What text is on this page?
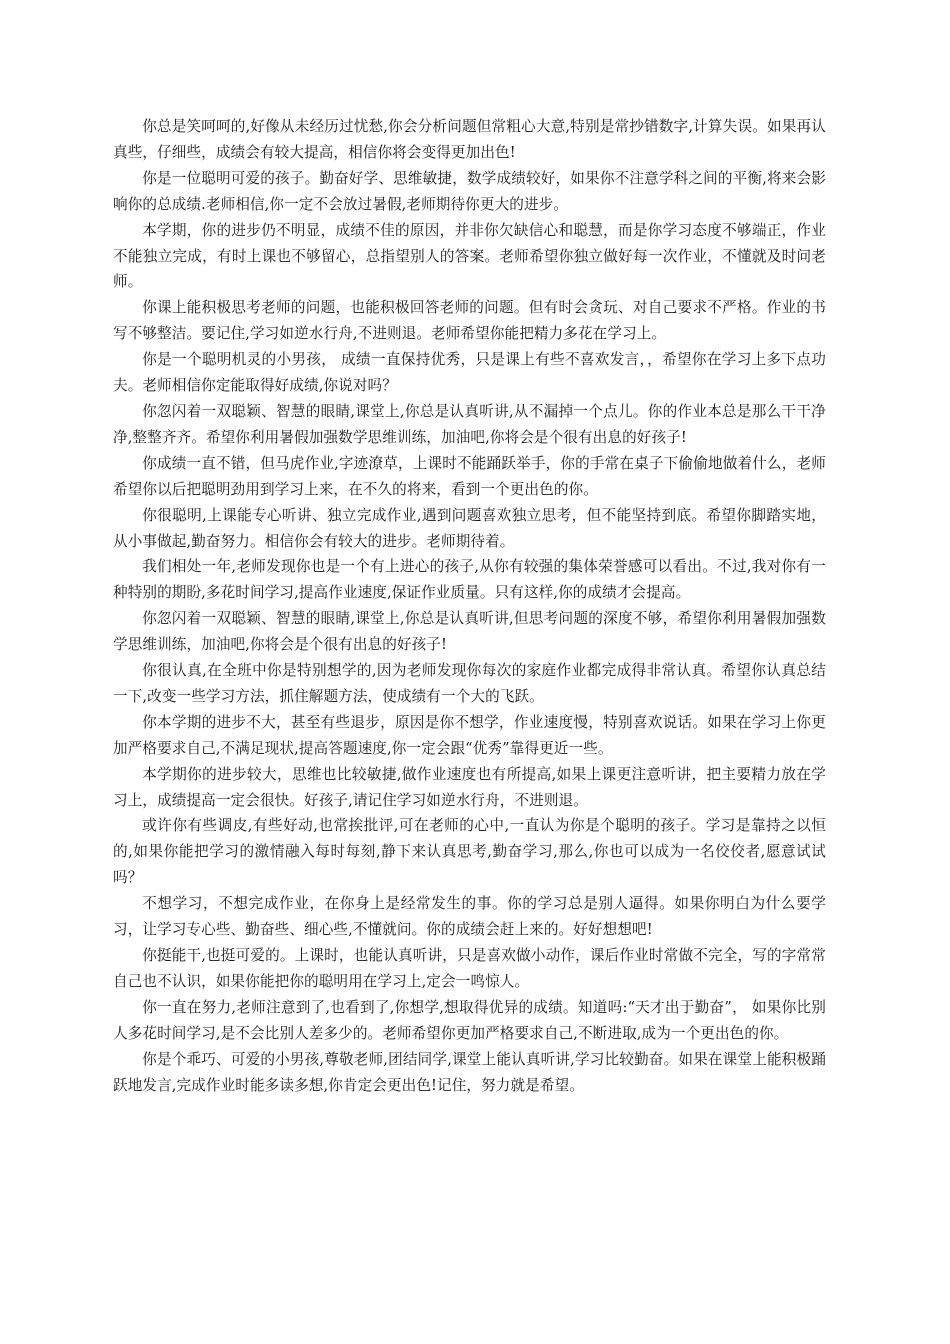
你总是笑呵呵的,好像从未经历过忧愁,你会分析问题但常粗心大意,特别是常抄错数字,计算失误。如果再认真些，仔细些，成绩会有较大提高，相信你将会变得更加出色!

你是一位聪明可爱的孩子。勤奋好学、思维敏捷，数学成绩较好，如果你不注意学科之间的平衡,将来会影响你的总成绩.老师相信,你一定不会放过暑假,老师期待你更大的进步。

本学期，你的进步仍不明显，成绩不佳的原因，并非你欠缺信心和聪慧，而是你学习态度不够端正，作业不能独立完成，有时上课也不够留心，总指望别人的答案。老师希望你独立做好每一次作业，不懂就及时问老师。

你课上能积极思考老师的问题，也能积极回答老师的问题。但有时会贪玩、对自己要求不严格。作业的书写不够整洁。要记住,学习如逆水行舟,不进则退。老师希望你能把精力多花在学习上。

你是一个聪明机灵的小男孩， 成绩一直保持优秀，只是课上有些不喜欢发言，，希望你在学习上多下点功夫。老师相信你定能取得好成绩,你说对吗？

你忽闪着一双聪颖、智慧的眼睛,课堂上,你总是认真听讲,从不漏掉一个点儿。你的作业本总是那么干干净净,整整齐齐。希望你利用暑假加强数学思维训练，加油吧,你将会是个很有出息的好孩子!

你成绩一直不错，但马虎作业,字迹潦草，上课时不能踊跃举手，你的手常在桌子下偷偷地做着什么，老师希望你以后把聪明劲用到学习上来，在不久的将来，看到一个更出色的你。

你很聪明,上课能专心听讲、独立完成作业,遇到问题喜欢独立思考，但不能坚持到底。希望你脚踏实地，从小事做起,勤奋努力。相信你会有较大的进步。老师期待着。

我们相处一年,老师发现你也是一个有上进心的孩子,从你有较强的集体荣誉感可以看出。不过,我对你有一种特别的期盼,多花时间学习,提高作业速度,保证作业质量。只有这样,你的成绩才会提高。

你忽闪着一双聪颖、智慧的眼睛,课堂上,你总是认真听讲,但思考问题的深度不够，希望你利用暑假加强数学思维训练，加油吧,你将会是个很有出息的好孩子!

你很认真,在全班中你是特别想学的,因为老师发现你每次的家庭作业都完成得非常认真。希望你认真总结一下,改变一些学习方法，抓住解题方法，使成绩有一个大的飞跃。

你本学期的进步不大，甚至有些退步，原因是你不想学，作业速度慢，特别喜欢说话。如果在学习上你更加严格要求自己,不满足现状,提高答题速度,你一定会跟“优秀”靠得更近一些。

本学期你的进步较大，思维也比较敏捷,做作业速度也有所提高,如果上课更注意听讲，把主要精力放在学习上，成绩提高一定会很快。好孩子,请记住学习如逆水行舟，不进则退。

或许你有些调皮,有些好动,也常挨批评,可在老师的心中,一直认为你是个聪明的孩子。学习是靠持之以恒的,如果你能把学习的激情融入每时每刻,静下来认真思考,勤奋学习,那么,你也可以成为一名佼佼者,愿意试试吗？

不想学习，不想完成作业，在你身上是经常发生的事。你的学习总是别人逼得。如果你明白为什么要学习，让学习专心些、勤奋些、细心些,不懂就问。你的成绩会赶上来的。好好想想吧!

你挺能干,也挺可爱的。上课时，也能认真听讲，只是喜欢做小动作，课后作业时常做不完全，写的字常常自己也不认识，如果你能把你的聪明用在学习上,定会一鸣惊人。

你一直在努力,老师注意到了,也看到了,你想学,想取得优异的成绩。知道吗:“天才出于勤奋”， 如果你比别人多花时间学习,是不会比别人差多少的。老师希望你更加严格要求自己,不断进取,成为一个更出色的你。

你是个乖巧、可爱的小男孩,尊敬老师,团结同学,课堂上能认真听讲,学习比较勤奋。如果在课堂上能积极踊跃地发言,完成作业时能多读多想,你肯定会更出色!记住，努力就是希望。
